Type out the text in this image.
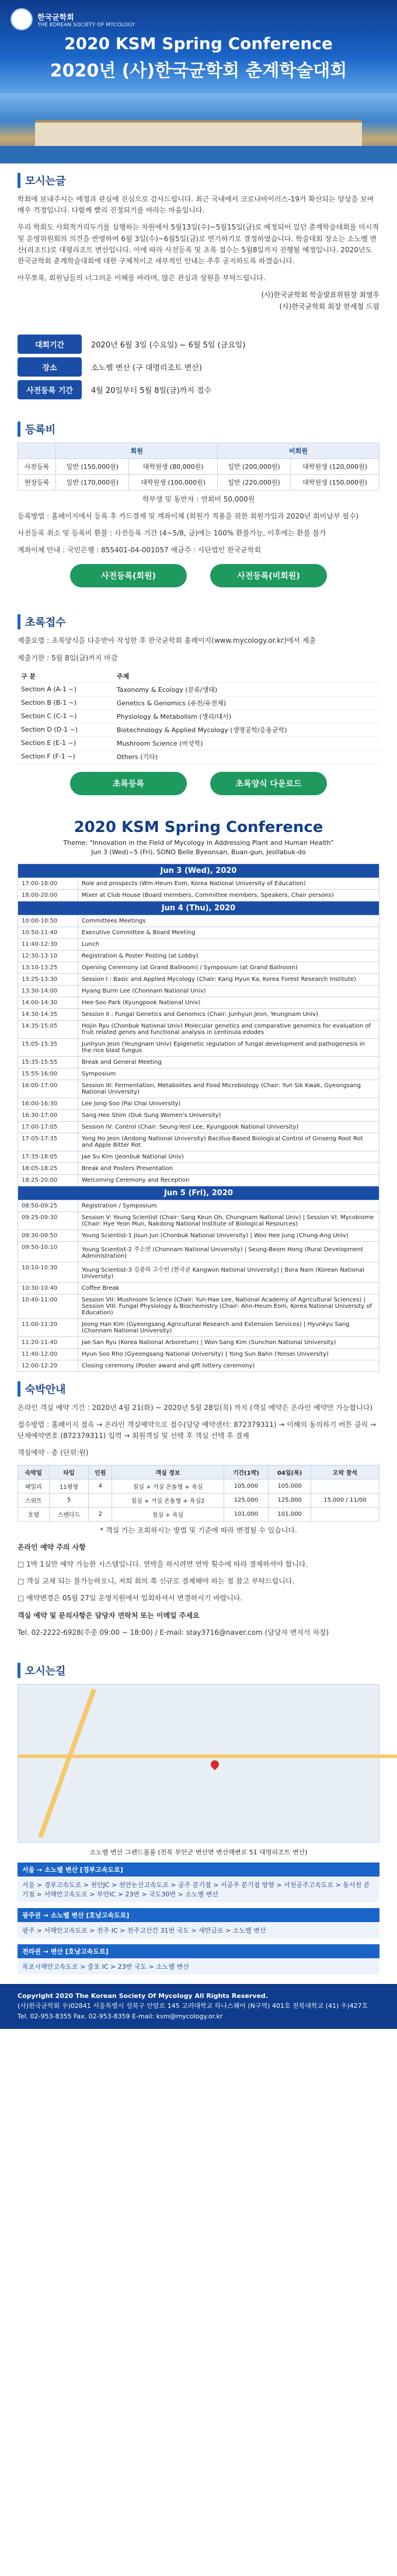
한국균학회
THE KOREAN SOCIETY OF MYCOLOGY
2020 KSM Spring Conference
2020년 (사)한국균학회 춘계학술대회
모시는글

학회에 보내주시는 애정과 관심에 진심으로 감사드립니다. 최근 국내에서 코로나바이러스-19가 확산되는 양상을 보여 매우 걱정입니다. 다함께 빨리 진정되기를 바라는 마음입니다.

우리 학회도 사회적거리두기를 실행하는 차원에서 5월13일(수)~5월15일(금)로 예정되어 있던 춘계학술대회를 미시적 및 운영위원회의 의견을 반영하여 6월 3일(수)~6월5일(금)로 연기하기로 결정하였습니다. 학술대회 장소는 소노벨 변산(리조트)로 대평리조트 변산입니다. 이에 따라 사전등록 및 초록 접수는 5월8일까지 진행될 예정입니다. 2020년도 한국균학회 춘계학술대회에 대한 구체적이고 세부적인 안내는 추후 공지하도록 하겠습니다.

아무쪼록, 회원님들의 너그러운 이해를 바라며, 많은 관심과 성원을 부탁드립니다.

(사)한국균학회 학술발표위원장 최영우
(사)한국균학회 회장 한세철 드림
대회기간	2020년 6월 3일 (수요일) ~ 6월 5일 (금요일)
장소	소노벨 변산 (구 대명리조트 변산)
사전등록 기간	4월 20일부터 5월 8일(금)까지 접수
등록비
	회원		비회원	
사전등록	일반 (150,000원)	대학원생 (80,000원)	일반 (200,000원)	대학원생 (120,000원)
현장등록	일반 (170,000원)	대학원생 (100,000원)	일반 (220,000원)	대학원생 (150,000원)

학부생 및 동반자 : 연회비 50,000원

등록방법 : 홈페이지에서 등록 후 카드결제 및 계좌이체 (회원가 적용을 위한 회원가입과 2020년 회비납부 필수)

사전등록 취소 및 등록비 환불 : 사전등록 기간 (4~5/8, 금)에는 100% 환불가능, 이후에는 환불 불가

계좌이체 안내 : 국민은행 : 855401-04-001057 예금주 : 사단법인 한국균학회

사전등록(회원)	사전등록(비회원)
초록접수

제출요령 : 초록양식을 다운받아 작성한 후 한국균학회 홈페이지(www.mycology.or.kr)에서 제출

제출기한 : 5월 8일(금)까지 마감

구 분	주제
Section A (A-1 ~)	Taxonomy & Ecology (분류/생태)
Section B (B-1 ~)	Genetics & Genomics (유전/유전체)
Section C (C-1 ~)	Physiology & Metabolism (생리/대사)
Section D (D-1 ~)	Biotechnology & Applied Mycology (생명공학/응용균학)
Section E (E-1 ~)	Mushroom Science (버섯학)
Section F (F-1 ~)	Others (기타)
초록등록	초록양식 다운로드
2020 KSM Spring Conference
Theme: "Innovation in the Field of Mycology in Addressing Plant and Human Health"
Jun 3 (Wed)~5 (Fri), SONO Belle Byeonsan, Buan-gun, Jeollabuk-do
Jun 3 (Wed), 2020	
17:00-18:00	Role and prospects (Wm-Heum Eom, Korea National University of Education)
18:00-20:00	Mixer at Club House (Board members, Committee members, Speakers, Chair persons)
Jun 4 (Thu), 2020	
10:00-10:50	Committees Meetings
10:50-11:40	Executive Committee & Board Meeting
11:40-12:30	Lunch
12:30-13:10	Registration & Poster Posting (at Lobby)
13:10-13:25	Opening Ceremony (at Grand Ballroom) / Symposium (at Grand Ballroom)
13:25-13:30	Session I : Basic and Applied Mycology (Chair: Kang Hyun Ka, Korea Forest Research Institute)
13:30-14:00	Hyang Burm Lee (Chonnam National Univ)
14:00-14:30	Hee-Soo Park (Kyungpook National Univ)
14:30-14:35	Session II : Fungal Genetics and Genomics (Chair: Junhyun Jeon, Yeungnam Univ)
14:35-15:05	Hojin Ryu (Chonbuk National Univ) Molecular genetics and comparative genomics for evaluation of fruit related genes and functional analysis in Lentinula edodes
15:05-15:35	Junhyun Jeon (Yeungnam Univ) Epigenetic regulation of fungal development and pathogenesis in the rice blast fungus
15:35-15:55	Break and General Meeting
15:55-16:00	Symposium
16:00-17:00	Session III: Fermentation, Metabolites and Food Microbiology (Chair: Yun Sik Kwak, Gyeongsang National University)
16:00-16:30	Lee Jong-Soo (Pai Chai University)
16:30-17:00	Sang Hee Shim (Duk Sung Women's University)
17:00-17:05	Session IV: Control (Chair: Seung-Yeol Lee, Kyungpook National University)
17:05-17:35	Yong Ho Jeon (Andong National University) Bacillus-Based Biological Control of Ginseng Root Rot and Apple Bitter Rot
17:35-18:05	Jae Su Kim (Jeonbuk National Univ)
18:05-18:25	Break and Posters Presentation
18:25-20:00	Welcoming Ceremony and Reception
Jun 5 (Fri), 2020	
08:50-09:25	Registration / Symposium
09:25-09:30	Session V: Young Scientist (Chair: Sang Keun Oh, Chungnam National Univ) | Session VI: Mycobiome (Chair: Hye Yeon Mun, Nakdong National Institute of Biological Resources)
09:30-09:50	Young Scientist-1 Jisun Jun (Chonbuk National University) | Woo Hee Jung (Chung-Ang Univ)
09:50-10:10	Young Scientist-2 주소연 (Chonnam National University) | Seung-Beom Hong (Rural Development Administration)
10:10-10:30	Young Scientist-3 김종하 고수빈 (한국균 Kangwon National University) | Bora Nam (Korean National University)
10:30-10:40	Coffee Break
10:40-11:00	Session VII: Mushroom Science (Chair: Yun-Hae Lee, National Academy of Agricultural Sciences) | Session VIII: Fungal Physiology & Biochemistry (Chair: Ahn-Heum Eom, Korea National University of Education)
11:00-11:20	Jeong Han Kim (Gyeongsang Agricultural Research and Extension Services) | Hyunkyu Sang (Chonnam National University)
11:20-11:40	Jae-San Ryu (Korea National Arboretum) | Won-Sang Kim (Sunchon National University)
11:40-12:00	Hyun Soo Rho (Gyeongsang National University) | Yong Sun Bahn (Yonsei University)
12:00-12:20	Closing ceremony (Poster award and gift lottery ceremony)
숙박안내

온라인 객실 예약 기간 : 2020년 4월 21(화) ~ 2020년 5월 28일(목) 까지 (객실 예약은 온라인 예약만 가능합니다)

접수방법 : 홈페이지 접속 → 온라인 객실예약으로 접수(담당 예약센터: 872379311) → 이해의 동의하기 버튼 클릭 → 단체예약번호 (872379311) 입력 → 회원객실 및 선택 후 객실 선택 후 결제

객실예약 · 총 (단위:원)

숙박일	타입	인원	객실 정보	기간(1박)	04일(목)	오락 참석
패밀리	11평형	4	침실 + 거실 온돌형 + 욕실	105,000	105,000	
스위트	5		침실 + 거실 온돌형 + 욕실2	125,000	125,000	15,000 / 11/00
호텔	스탠다드	2	침실 + 욕실	101,000	101,000	

* 객실 가는 조회하시는 방법 및 기준에 따라 변경될 수 있습니다.

온라인 예약 주의 사항

□ 1박 1실만 예약 가능한 시스템입니다. 연박을 하시려면 연박 횟수에 따라 결제하셔야 합니다.

□ 객실 교체 되는 불가능하오니, 저희 회의 쪽 신규로 결제해야 하는 점 참고 부탁드립니다.

□ 예약변경은 05월 27일 운영지원에서 입회하셔서 변경하시기 바랍니다.

객실 예약 및 문의사항은 담당자 연락처 또는 이메일 주세요

Tel. 02-2222-6928(주중 09:00 ~ 18:00) / E-mail: stay3716@naver.com (담당자 변지석 차장)

오시는길
소노벨 변산 그랜드볼룸 (전북 부안군 변산면 변산해변로 51 대명리조트 변산)
서울 → 소노벨 변산 [경부고속도로]
서울 > 경부고속도로 > 천안JC > 천안논산고속도로 > 공주 분기점 > 서공주 분기점 방향 > 서천공주고속도로 > 동서천 분기점 > 서해안고속도로 > 부안IC > 23번 > 국도30번 > 소노벨 변산
광주권 → 소노벨 변산 [호남고속도로]
광주 > 서해안고속도로 > 전주 IC > 전주고산간 31번 국도 > 새만금로 > 소노벨 변산
전라권 → 변산 [호남고속도로]
목포시해안고속도로 > 줄포 IC > 23번 국도 > 소노벨 변산
Copyright 2020 The Korean Society Of Mycology All Rights Reserved.
(사)한국균학회 우)02841 서울특별시 성북구 안암로 145 고려대학교 하나스퀘어 (N구역) 401호 전북대학교 (41) 우)427호
Tel. 02-953-8355 Fax. 02-953-8359 E-mail: ksm@mycology.or.kr
